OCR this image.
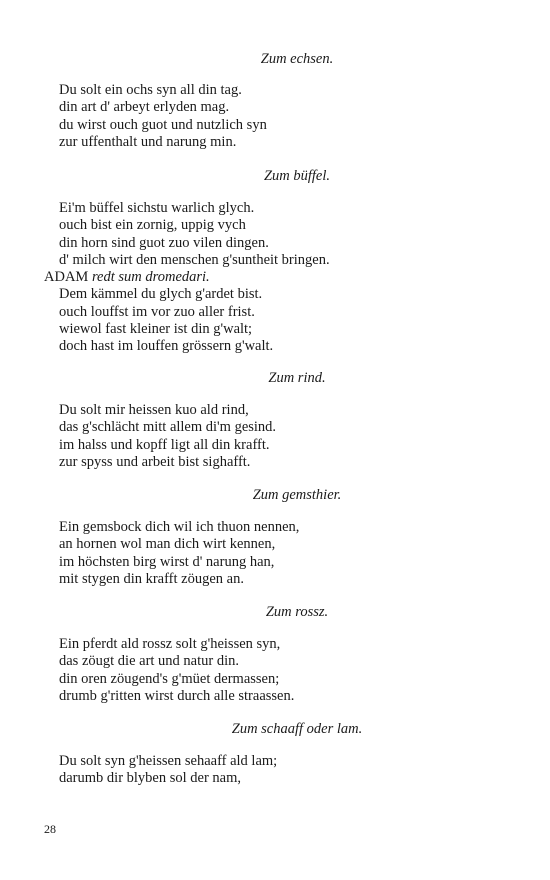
Zum echsen.
Du solt ein ochs syn all din tag.
din art d' arbeyt erlyden mag.
du wirst ouch guot und nutzlich syn
zur uffenthalt und narung min.
Zum büffel.
Ei'm büffel sichstu warlich glych.
ouch bist ein zornig, uppig vych
din horn sind guot zuo vilen dingen.
d' milch wirt den menschen g'suntheit bringen.
ADAM redt sum dromedari.
Dem kämmel du glych g'ardet bist.
ouch louffst im vor zuo aller frist.
wiewol fast kleiner ist din g'walt;
doch hast im louffen grössern g'walt.
Zum rind.
Du solt mir heissen kuo ald rind,
das g'schlächt mitt allem di'm gesind.
im halss und kopff ligt all din krafft.
zur spyss und arbeit bist sighafft.
Zum gemsthier.
Ein gemsbock dich wil ich thuon nennen,
an hornen wol man dich wirt kennen,
im höchsten birg wirst d' narung han,
mit stygen din krafft zöugen an.
Zum rossz.
Ein pferdt ald rossz solt g'heissen syn,
das zöugt die art und natur din.
din oren zöugend's g'müet dermassen;
drumb g'ritten wirst durch alle straassen.
Zum schaaff oder lam.
Du solt syn g'heissen sehaaff ald lam;
darumb dir blyben sol der nam,
28
